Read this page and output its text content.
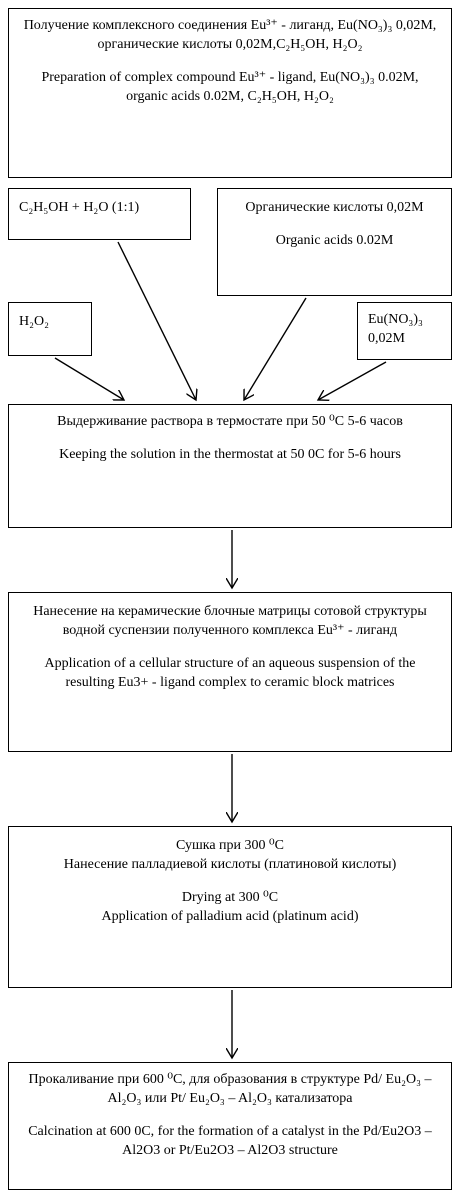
Получение комплексного соединения Eu³⁺ - лиганд, Eu(NO₃)₃ 0,02M, органические кислоты 0,02M,C₂H₅OH, H₂O₂

Preparation of complex compound Eu³⁺ - ligand, Eu(NO₃)₃ 0.02M, organic acids 0.02M, C₂H₅OH, H₂O₂

C₂H₅OH + H₂O (1:1)	Органические кислоты 0,02M

Organic acids 0.02M

H₂O₂	Eu(NO₃)₃
0,02M

Выдерживание раствора в термостате при 50 ⁰С 5-6 часов

Keeping the solution in the thermostat at 50 0C for 5-6 hours

Нанесение на керамические блочные матрицы сотовой структуры водной суспензии полученного комплекса Eu³⁺ - лиганд

Application of a cellular structure of an aqueous suspension of the resulting Eu3+ - ligand complex to ceramic block matrices

Сушка при 300 ⁰С

Нанесение палладиевой кислоты (платиновой кислоты)

Drying at 300 ⁰C

Application of palladium acid (platinum acid)

Прокаливание при 600 ⁰С, для образования в структуре Pd/ Eu₂O₃ – Al₂O₃ или Pt/ Eu₂O₃ – Al₂O₃ катализатора

Calcination at 600 0C, for the formation of a catalyst in the Pd/Eu2O3 – Al2O3 or Pt/Eu2O3 – Al2O3 structure
